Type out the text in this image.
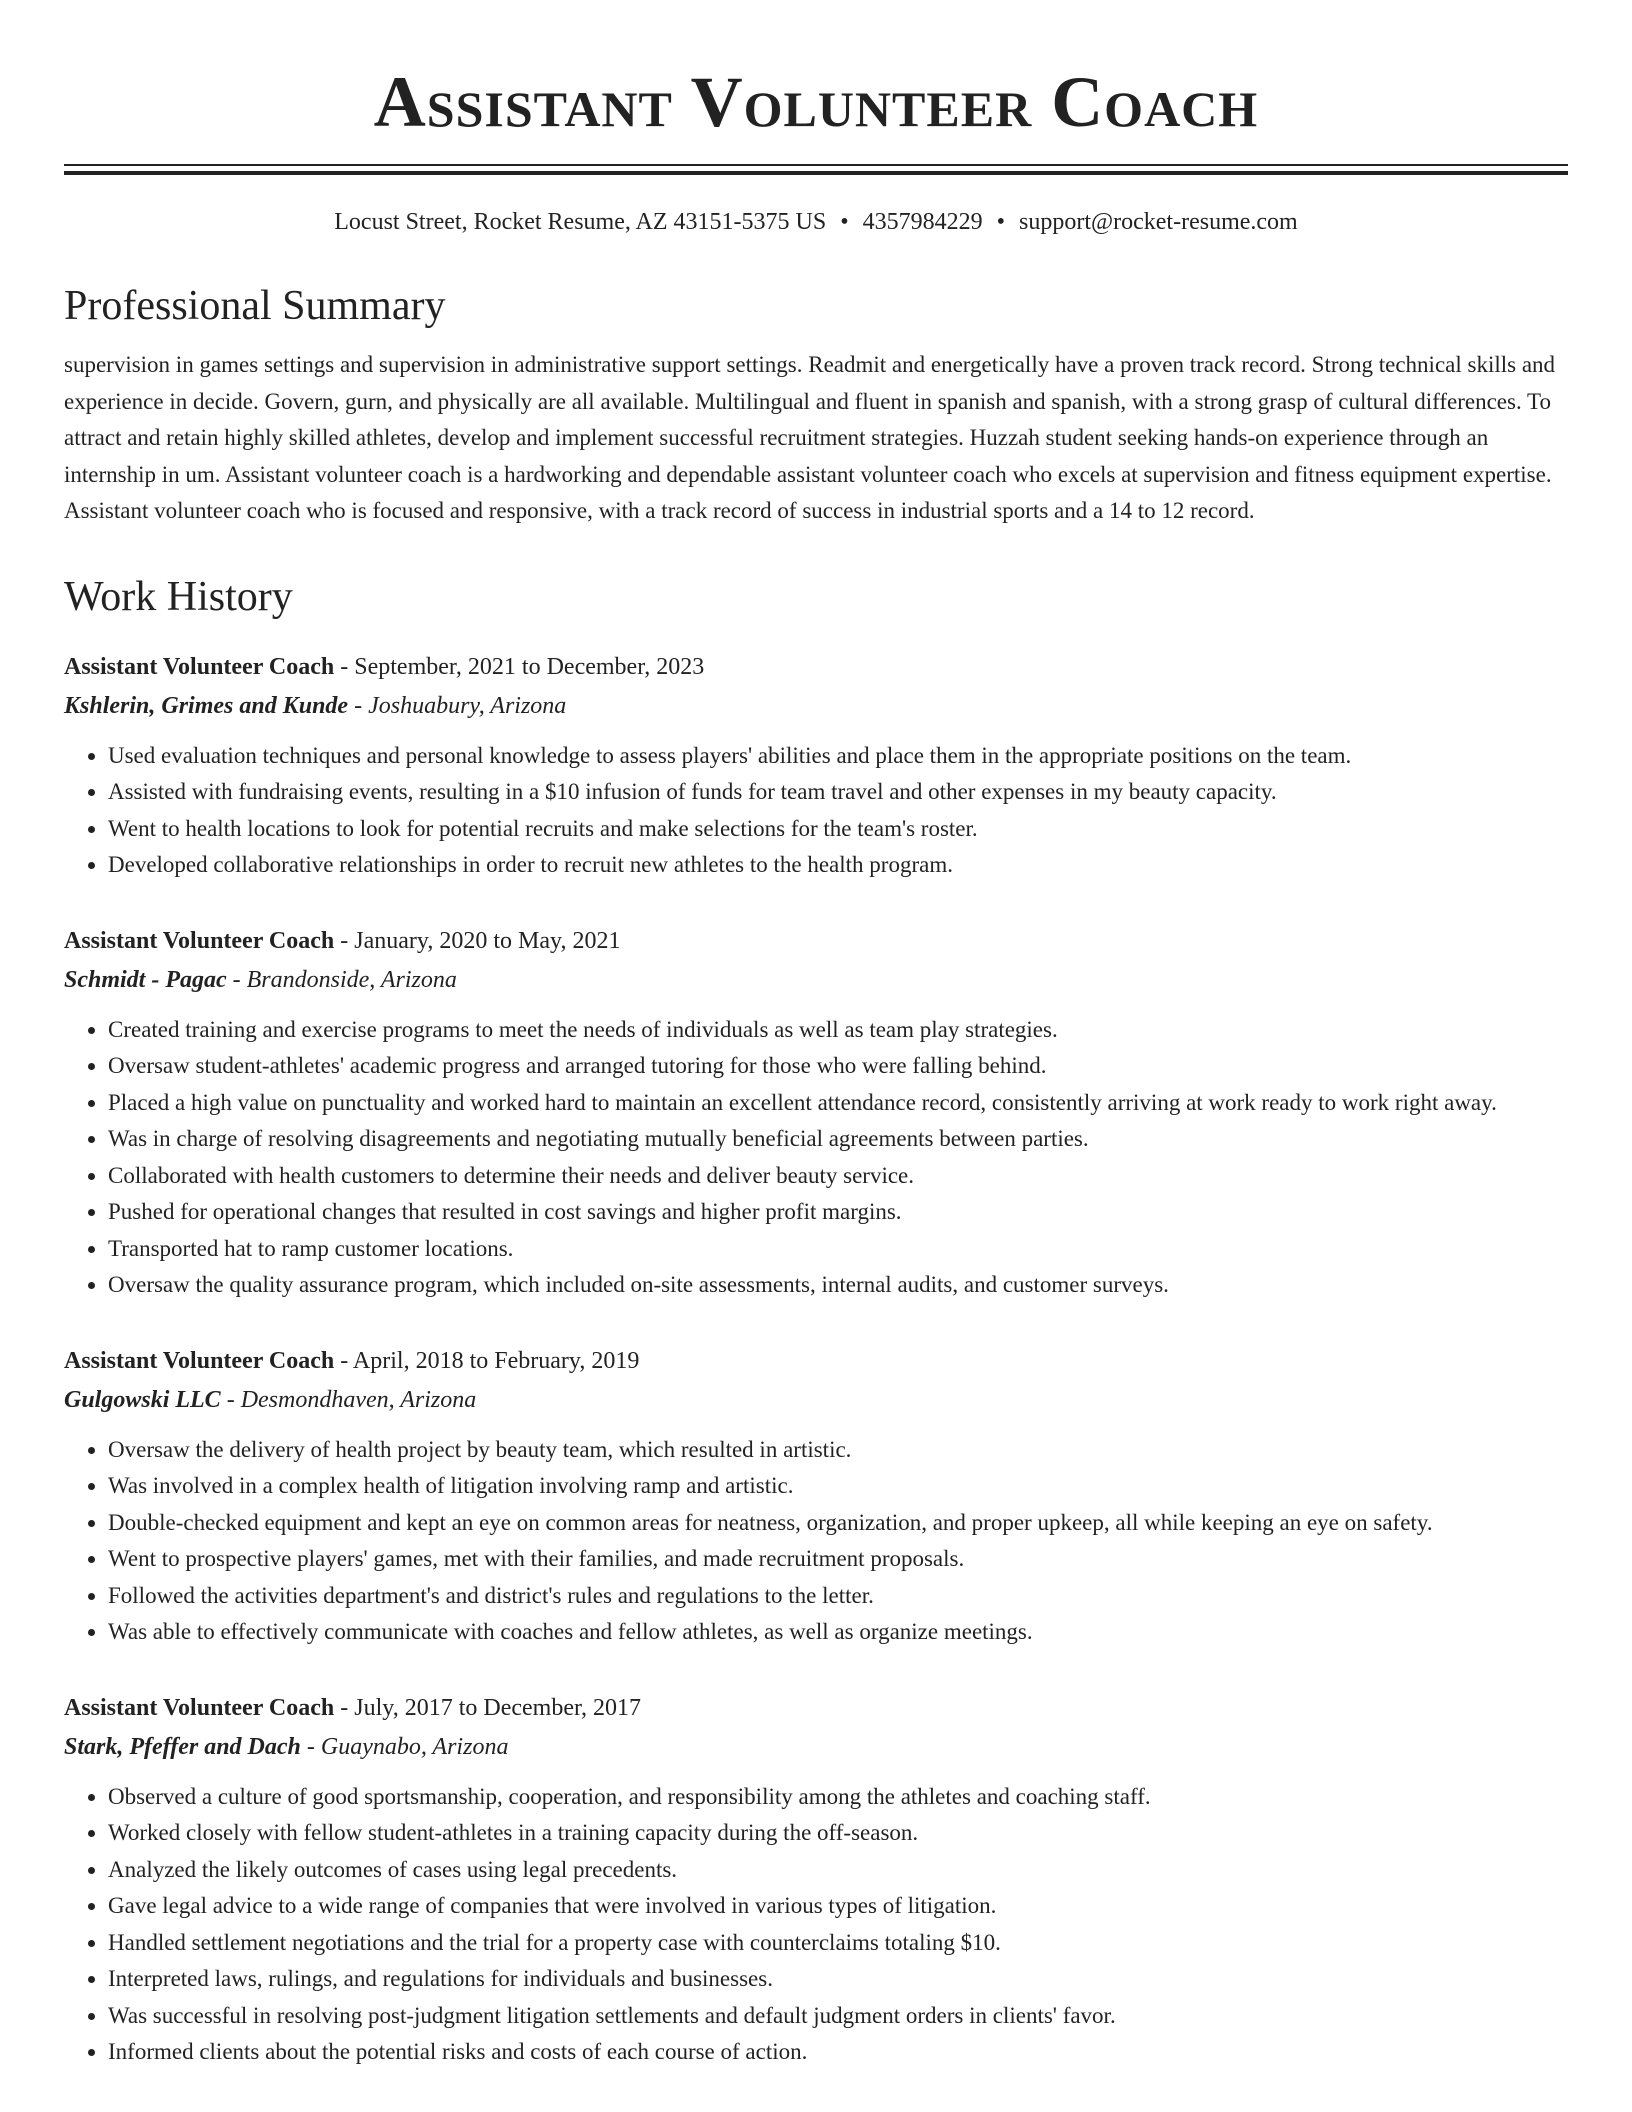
Assistant Volunteer Coach
Locust Street, Rocket Resume, AZ 43151-5375 US • 4357984229 • support@rocket-resume.com
Professional Summary

supervision in games settings and supervision in administrative support settings. Readmit and energetically have a proven track record. Strong technical skills and experience in decide. Govern, gurn, and physically are all available. Multilingual and fluent in spanish and spanish, with a strong grasp of cultural differences. To attract and retain highly skilled athletes, develop and implement successful recruitment strategies. Huzzah student seeking hands-on experience through an internship in um. Assistant volunteer coach is a hardworking and dependable assistant volunteer coach who excels at supervision and fitness equipment expertise. Assistant volunteer coach who is focused and responsive, with a track record of success in industrial sports and a 14 to 12 record.

Work History

Assistant Volunteer Coach - September, 2021 to December, 2023

Kshlerin, Grimes and Kunde - Joshuabury, Arizona

• Used evaluation techniques and personal knowledge to assess players' abilities and place them in the appropriate positions on the team.
• Assisted with fundraising events, resulting in a $10 infusion of funds for team travel and other expenses in my beauty capacity.
• Went to health locations to look for potential recruits and make selections for the team's roster.
• Developed collaborative relationships in order to recruit new athletes to the health program.

Assistant Volunteer Coach - January, 2020 to May, 2021

Schmidt - Pagac - Brandonside, Arizona

• Created training and exercise programs to meet the needs of individuals as well as team play strategies.
• Oversaw student-athletes' academic progress and arranged tutoring for those who were falling behind.
• Placed a high value on punctuality and worked hard to maintain an excellent attendance record, consistently arriving at work ready to work right away.
• Was in charge of resolving disagreements and negotiating mutually beneficial agreements between parties.
• Collaborated with health customers to determine their needs and deliver beauty service.
• Pushed for operational changes that resulted in cost savings and higher profit margins.
• Transported hat to ramp customer locations.
• Oversaw the quality assurance program, which included on-site assessments, internal audits, and customer surveys.

Assistant Volunteer Coach - April, 2018 to February, 2019

Gulgowski LLC - Desmondhaven, Arizona

• Oversaw the delivery of health project by beauty team, which resulted in artistic.
• Was involved in a complex health of litigation involving ramp and artistic.
• Double-checked equipment and kept an eye on common areas for neatness, organization, and proper upkeep, all while keeping an eye on safety.
• Went to prospective players' games, met with their families, and made recruitment proposals.
• Followed the activities department's and district's rules and regulations to the letter.
• Was able to effectively communicate with coaches and fellow athletes, as well as organize meetings.

Assistant Volunteer Coach - July, 2017 to December, 2017

Stark, Pfeffer and Dach - Guaynabo, Arizona

• Observed a culture of good sportsmanship, cooperation, and responsibility among the athletes and coaching staff.
• Worked closely with fellow student-athletes in a training capacity during the off-season.
• Analyzed the likely outcomes of cases using legal precedents.
• Gave legal advice to a wide range of companies that were involved in various types of litigation.
• Handled settlement negotiations and the trial for a property case with counterclaims totaling $10.
• Interpreted laws, rulings, and regulations for individuals and businesses.
• Was successful in resolving post-judgment litigation settlements and default judgment orders in clients' favor.
• Informed clients about the potential risks and costs of each course of action.
